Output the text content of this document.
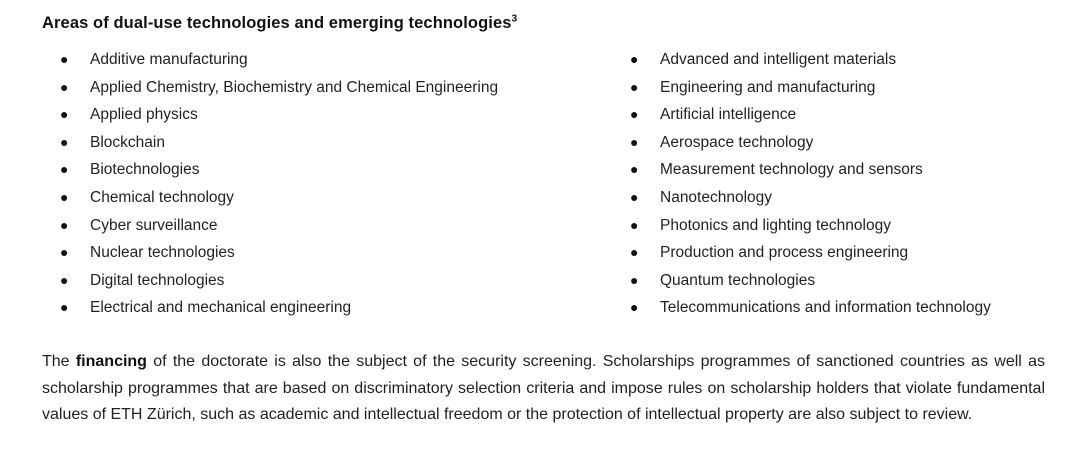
Areas of dual-use technologies and emerging technologies$^3$
●	Additive manufacturing
●	Applied Chemistry, Biochemistry and Chemical Engineering
●	Applied physics
●	Blockchain
●	Biotechnologies
●	Chemical technology
●	Cyber surveillance
●	Nuclear technologies
●	Digital technologies
●	Electrical and mechanical engineering
●	Advanced and intelligent materials
●	Engineering and manufacturing
●	Artificial intelligence
●	Aerospace technology
●	Measurement technology and sensors
●	Nanotechnology
●	Photonics and lighting technology
●	Production and process engineering
●	Quantum technologies
●	Telecommunications and information technology

The financing of the doctorate is also the subject of the security screening. Scholarships programmes of sanctioned countries as well as scholarship programmes that are based on discriminatory selection criteria and impose rules on scholarship holders that violate fundamental values of ETH Zürich, such as academic and intellectual freedom or the protection of intellectual property are also subject to review.
